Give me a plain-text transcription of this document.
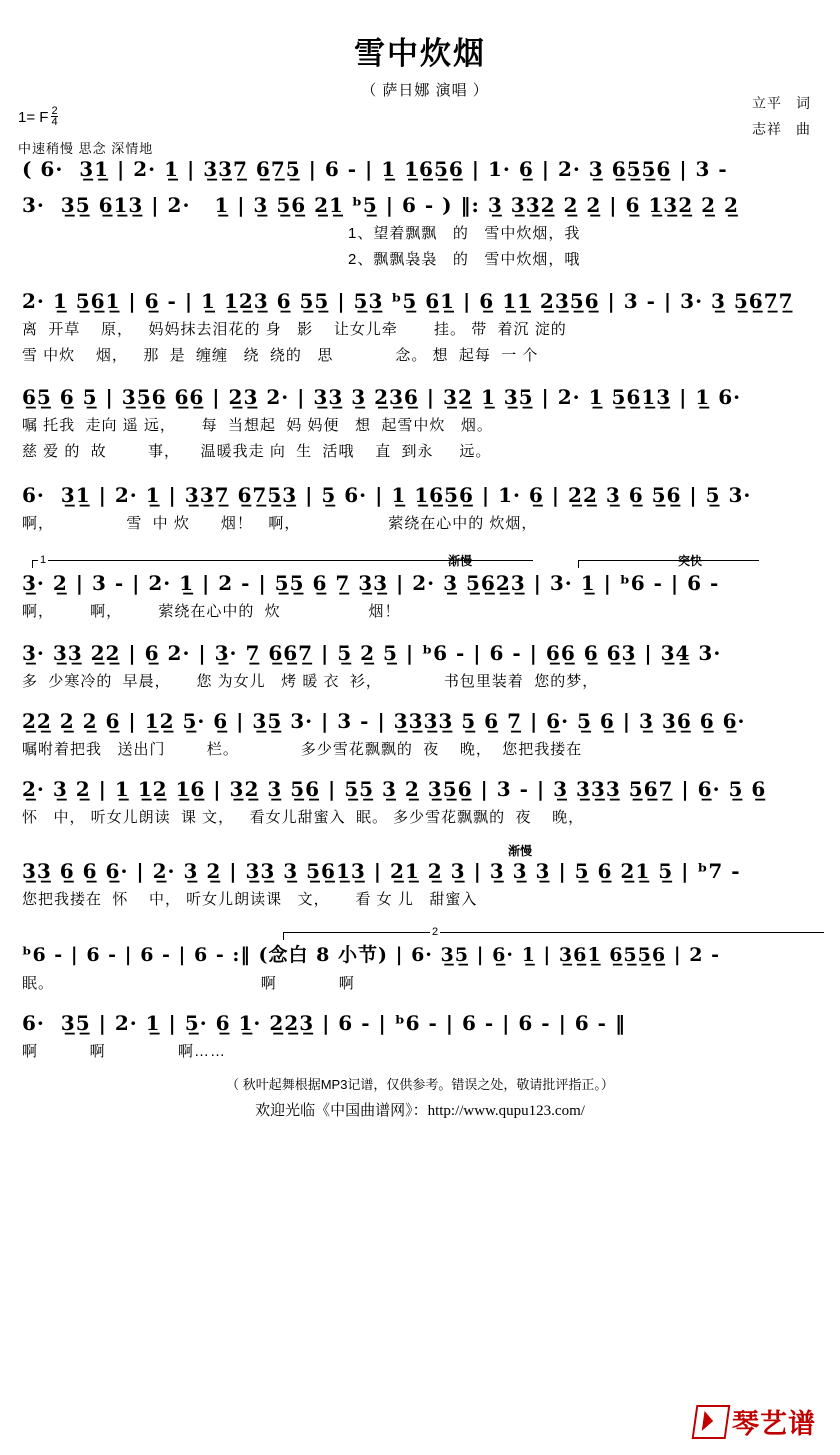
雪中炊烟
（ 萨日娜 演唱 ）
立平 词
志祥 曲
1= F $\frac{2}{4}$
中速稍慢 思念 深情地
( 6·  3̲1̲ | 2· 1̲ | 3̲3̲7̲ 6̲7̲5̲ | 6 - | 1̲ 1̲6̲5̲6̲ | 1· 6̲ | 2· 3̲ 6̲5̲5̲6̲ | 3 -
3·  3̲5̲ 6̲1̲3̲ | 2·   1̲ | 3̲ 5̲6̲ 2̲1̲ ᵇ5̲ | 6 - ) ‖: 3̲ 3̲3̲2̲ 2̲ 2̲ | 6̲ 1̲3̲2̲ 2̲ 2̲
1、望着飘飘   的   雪中炊烟，我
2、飘飘袅袅   的   雪中炊烟，哦
2· 1̲ 5̲6̲1̲ | 6̲ - | 1̲ 1̲2̲3̲ 6̲ 5̲5̲ | 5̲3̲ ᵇ5̲ 6̲1̲ | 6̲ 1̲1̲ 2̲3̲5̲6̲ | 3 - | 3· 3̲ 5̲6̲7̲7̲
离  开草    原，   妈妈抹去泪花的 身   影    让女儿牵       挂。 带  着沉 淀的
雪 中炊    烟，   那  是  缠缠   绕  绕的   思            念。 想  起每  一 个
6̲5̲ 6̲ 5̲ | 3̲5̲6̲ 6̲6̲ | 2̲3̲ 2· | 3̲3̲ 3̲ 2̲3̲6̲ | 3̲2̲ 1̲ 3̲5̲ | 2· 1̲ 5̲6̲1̲3̲ | 1̲ 6·
嘱 托我  走向 遥 远，     每  当想起  妈 妈便   想  起雪中炊   烟。
慈 爱 的  故        事，    温暖我走 向  生  活哦    直  到永     远。
6·  3̲1̲ | 2· 1̲ | 3̲3̲7̲ 6̲7̲5̲3̲ | 5̲ 6· | 1̲ 1̲6̲5̲6̲ | 1· 6̲ | 2̲2̲ 3̲ 6̲ 5̲6̲ | 5̲ 3·
啊，              雪  中 炊      烟！   啊，                 萦绕在心中的 炊烟，
1	渐慢	突快
3̲· 2̲ | 3 - | 2· 1̲ | 2 - | 5̲5̲ 6̲ 7̲ 3̲3̲ | 2· 3̲ 5̲6̲2̲3̲ | 3· 1̲ | ᵇ6 - | 6 -
啊，       啊，       萦绕在心中的  炊                 烟！
3̲· 3̲3̲ 2̲2̲ | 6̲ 2· | 3̲· 7̲ 6̲6̲7̲ | 5̲ 2̲ 5̲ | ᵇ6 - | 6 - | 6̲6̲ 6̲ 6̲3̲ | 3̲4̲ 3·
多  少寒冷的  早晨，     您 为女儿   烤 暖 衣  衫，            书包里装着  您的梦，
2̲2̲ 2̲ 2̲ 6̲ | 1̲2̲ 5̲· 6̲ | 3̲5̲ 3· | 3 - | 3̲3̲3̲3̲ 5̲ 6̲ 7̲ | 6̲· 5̲ 6̲ | 3̲ 3̲6̲ 6̲ 6̲·
嘱咐着把我   送出门        栏。            多少雪花飘飘的  夜    晚，  您把我搂在
2̲· 3̲ 2̲ | 1̲ 1̲2̲ 1̲6̲ | 3̲2̲ 3̲ 5̲6̲ | 5̲5̲ 3̲ 2̲ 3̲5̲6̲ | 3 - | 3̲ 3̲3̲3̲ 5̲6̲7̲ | 6̲· 5̲ 6̲
怀   中， 听女儿朗读  课 文，   看女儿甜蜜入  眠。 多少雪花飘飘的  夜    晚，
渐慢
3̲3̲ 6̲ 6̲ 6̲· | 2̲· 3̲ 2̲ | 3̲3̲ 3̲ 5̲6̲1̲3̲ | 2̲1̲ 2̲ 3̲ | 3̲ 3̲ 3̲ | 5̲ 6̲ 2̲1̲ 5̲ | ᵇ7 -
您把我搂在  怀    中， 听女儿朗读课   文，     看 女 儿   甜蜜入
2
ᵇ6 - | 6 - | 6 - | 6 - :‖ (念白 8 小节) | 6· 3̲5̲ | 6̲· 1̲ | 3̲6̲1̲ 6̲5̲5̲6̲ | 2 -
眠。                                        啊            啊
6·  3̲5̲ | 2· 1̲ | 5̲· 6̲ 1̲· 2̲2̲3̲ | 6 - | ᵇ6 - | 6 - | 6 - | 6 - ‖
啊          啊              啊……
（ 秋叶起舞根据MP3记谱，仅供参考。错误之处，敬请批评指正。）
欢迎光临《中国曲谱网》：http://www.qupu123.com/
琴艺谱
